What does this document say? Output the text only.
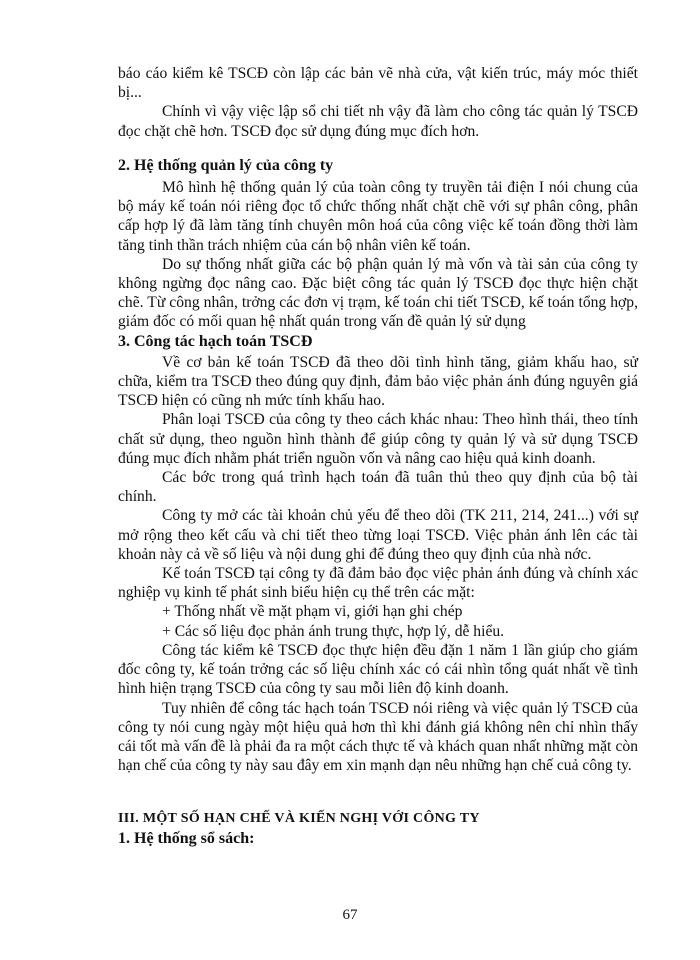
báo cáo kiểm kê TSCĐ còn lập các bản vẽ nhà cửa, vật kiến trúc, máy móc thiết bị...

Chính vì vậy việc lập sổ chi tiết nh vậy đã làm cho công tác quản lý TSCĐ đọc chặt chẽ hơn. TSCĐ đọc sử dụng đúng mục đích hơn.

2. Hệ thống quản lý của công ty

Mô hình hệ thống quản lý của toàn công ty truyền tải điện I nói chung của bộ máy kế toán nói riêng đọc tổ chức thống nhất chặt chẽ với sự phân công, phân cấp hợp lý đã làm tăng tính chuyên môn hoá của công việc kế toán đồng thời làm tăng tinh thần trách nhiệm của cán bộ nhân viên kế toán.

Do sự thống nhất giữa các bộ phận quản lý mà vốn và tài sản của công ty không ngừng đọc nâng cao. Đặc biệt công tác quản lý TSCĐ đọc thực hiện chặt chẽ. Từ công nhân, trởng các đơn vị trạm, kế toán chi tiết TSCĐ, kế toán tổng hợp, giám đốc có mối quan hệ nhất quán trong vấn đề quản lý sử dụng

3. Công tác hạch toán TSCĐ

Về cơ bản kế toán TSCĐ đã theo dõi tình hình tăng, giảm khấu hao, sử chữa, kiểm tra TSCĐ theo đúng quy định, đảm bảo việc phản ánh đúng nguyên giá TSCĐ hiện có cũng nh mức tính khấu hao.

Phân loại TSCĐ của công ty theo cách khác nhau: Theo hình thái, theo tính chất sử dụng, theo nguồn hình thành để giúp công ty quản lý và sử dụng TSCĐ đúng mục đích nhằm phát triển nguồn vốn và nâng cao hiệu quả kinh doanh.

Các bớc trong quá trình hạch toán đã tuân thủ theo quy định của bộ tài chính.

Công ty mở các tài khoản chủ yếu để theo dõi (TK 211, 214, 241...) với sự mở rộng theo kết cấu và chi tiết theo từng loại TSCĐ. Việc phản ánh lên các tài khoản này cả về số liệu và nội dung ghi để đúng theo quy định của nhà nớc.

Kế toán TSCĐ tại công ty đã đảm bảo đọc việc phản ánh đúng và chính xác nghiệp vụ kinh tế phát sinh biểu hiện cụ thể trên các mặt:

+ Thống nhất về mặt phạm vi, giới hạn ghi chép

+ Các số liệu đọc phản ánh trung thực, hợp lý, dễ hiểu.

Công tác kiểm kê TSCĐ đọc thực hiện đều đặn 1 năm 1 lần giúp cho giám đốc công ty, kế toán trởng các số liệu chính xác có cái nhìn tổng quát nhất về tình hình hiện trạng TSCĐ của công ty sau mỗi liên độ kinh doanh.

Tuy nhiên để công tác hạch toán TSCĐ nói riêng và việc quản lý TSCĐ của công ty nói cung ngày một hiệu quả hơn thì khi đánh giá không nên chỉ nhìn thấy cái tốt mà vấn đề là phải đa ra một cách thực tế và khách quan nhất những mặt còn hạn chế của công ty này sau đây em xin mạnh dạn nêu những hạn chế cuả công ty.

III. MỘT SỐ HẠN CHẾ VÀ KIẾN NGHỊ VỚI CÔNG TY

1. Hệ thống sổ sách:

67
